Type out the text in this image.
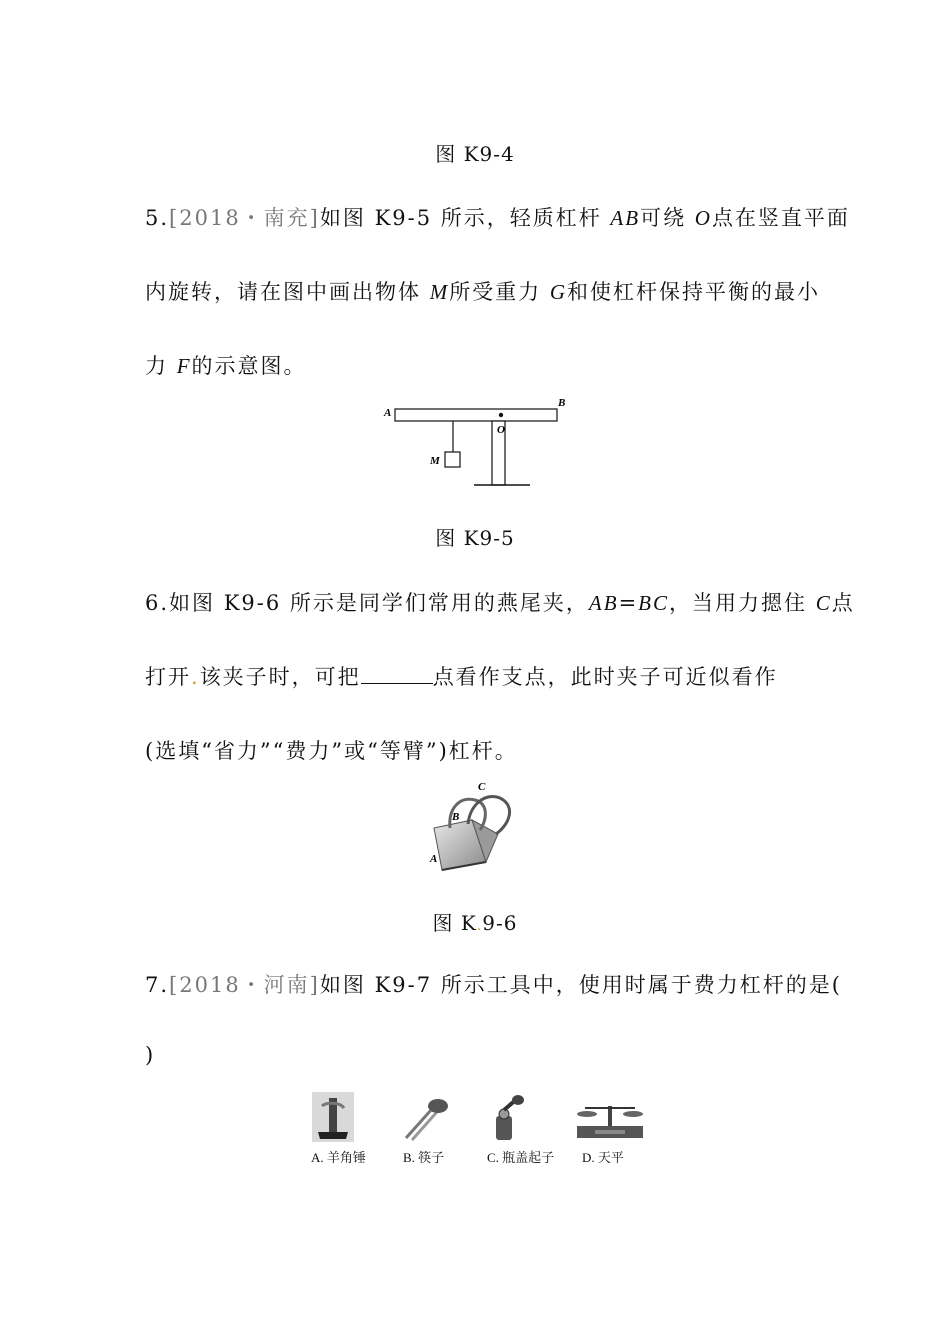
图 K9-4
5.[2018・南充]如图 K9-5 所示，轻质杠杆 AB可绕 O点在竖直平面
内旋转，请在图中画出物体 M所受重力 G和使杠杆保持平衡的最小
力 F的示意图。
A
B
O
M
图 K9-5
6.如图 K9-6 所示是同学们常用的燕尾夹，AB=BC，当用力摁住 C点
打开.该夹子时，可把	点看作支点，此时夹子可近似看作
(选填“省力”“费力”或“等臂”)杠杆。
A
B
C
图 K.9-6
7.[2018・河南]如图 K9-7 所示工具中，使用时属于费力杠杆的是(
)
A. 羊角锤	B. 筷子	C. 瓶盖起子 D. 天平
